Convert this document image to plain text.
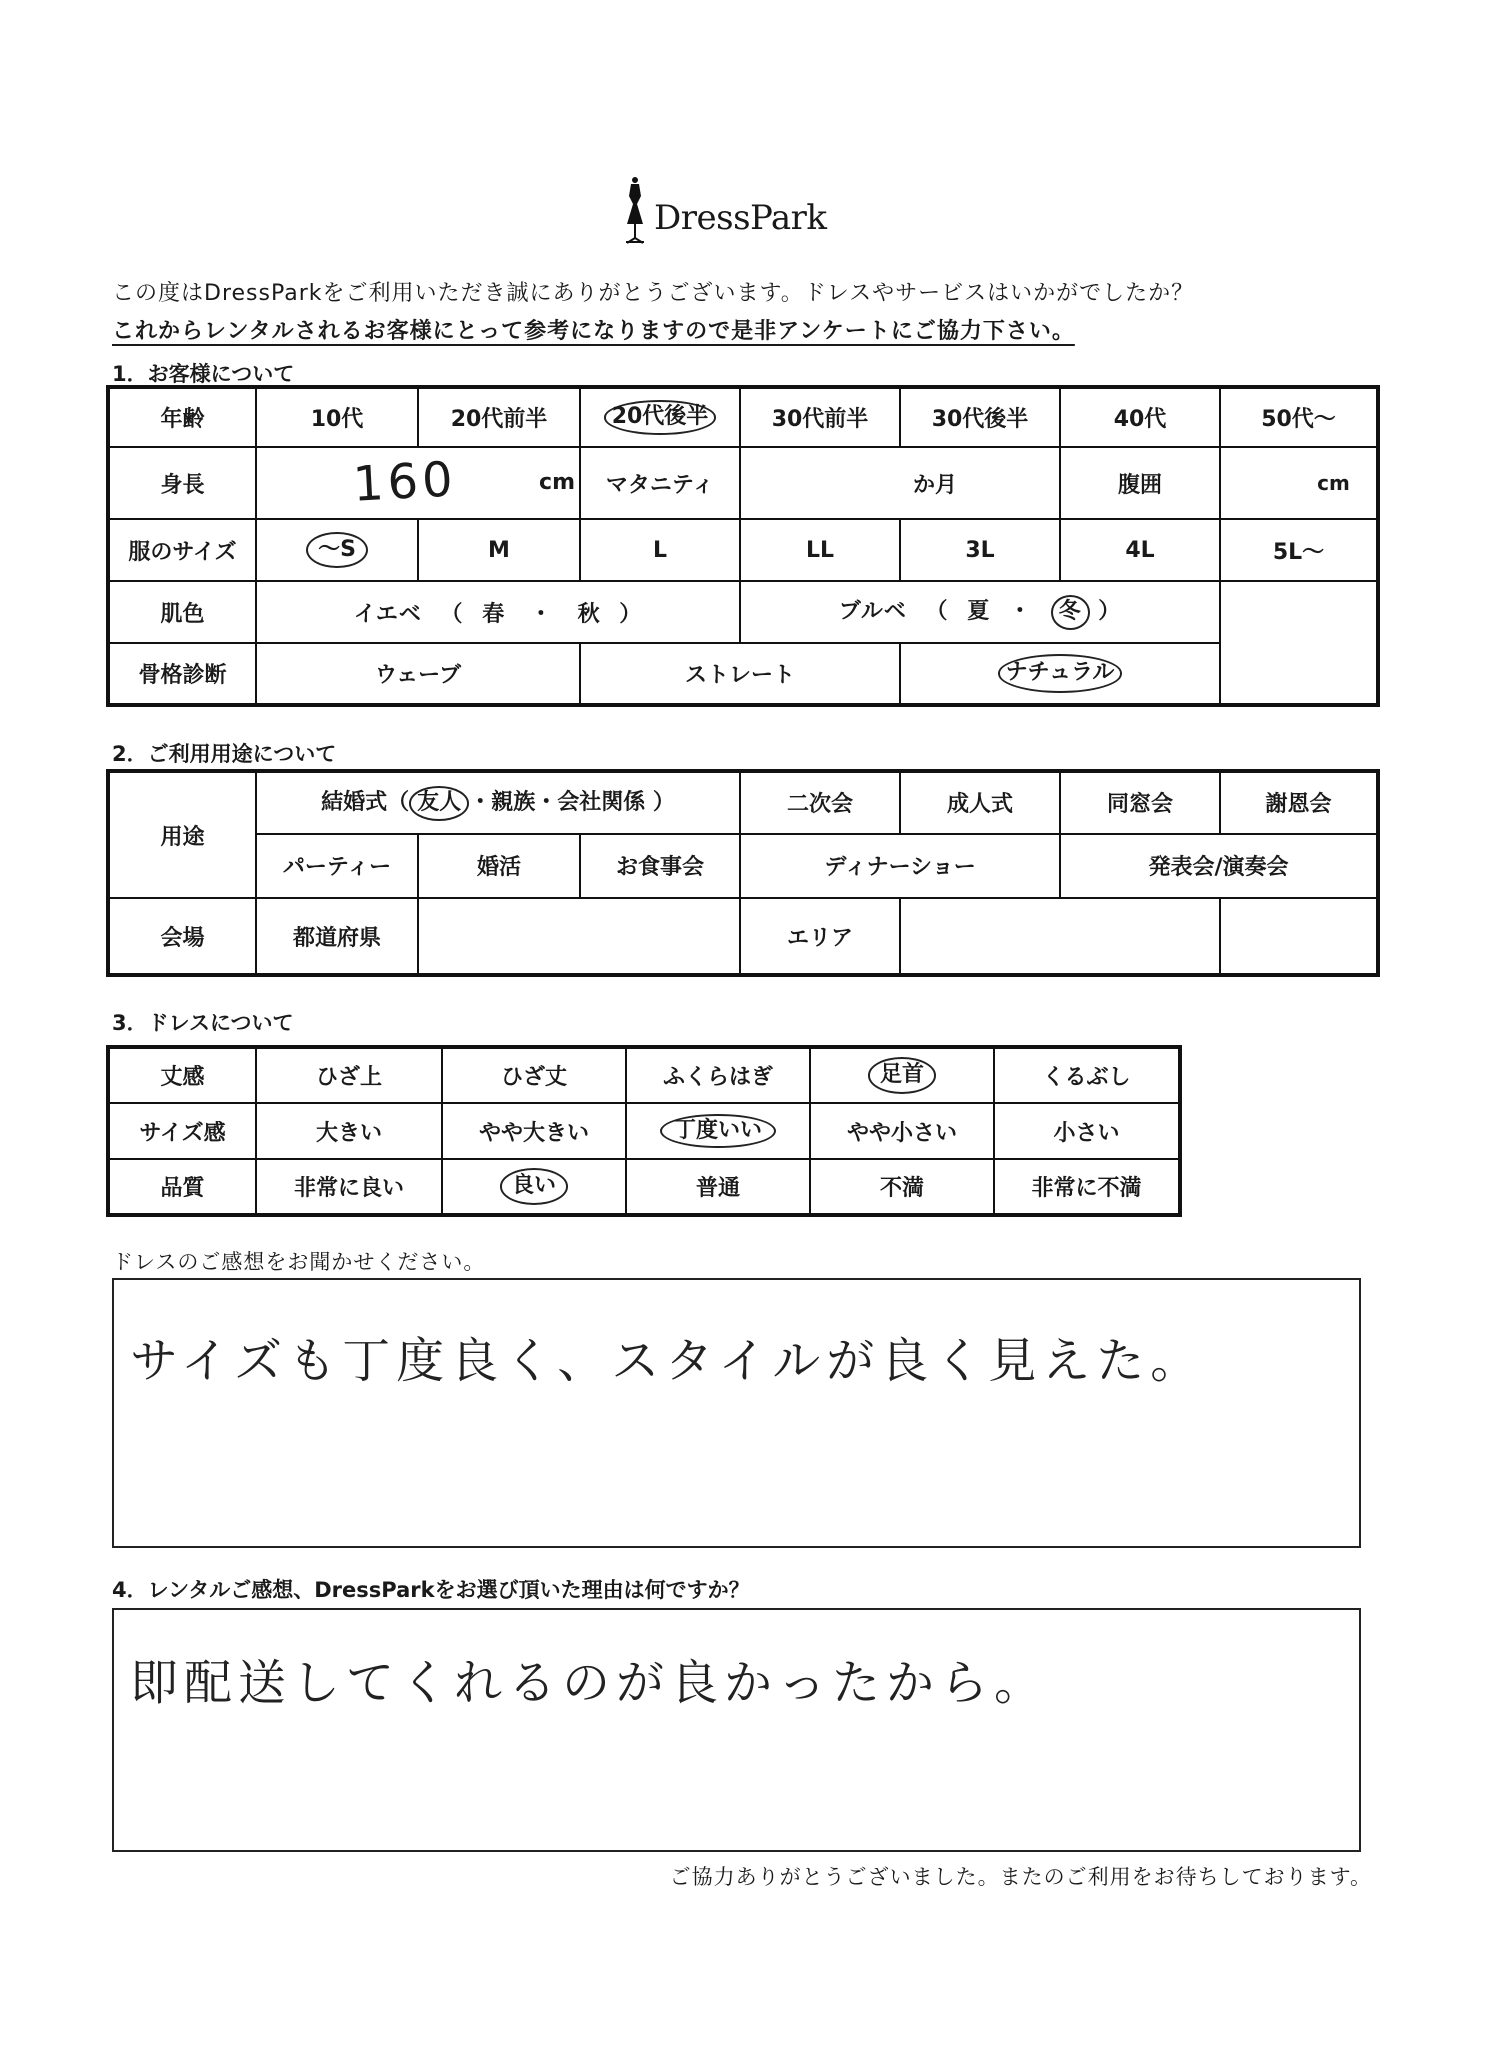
DressPark
この度はDressParkをご利用いただき誠にありがとうございます。ドレスやサービスはいかがでしたか？
これからレンタルされるお客様にとって参考になりますので是非アンケートにご協力下さい。
1．お客様について
年齢	10代	20代前半	20代後半	30代前半	30代後半	40代	50代〜
身長	160 cm		マタニティ	か月		腹囲	cm
服のサイズ	〜S	M	L	LL	3L	4L	5L〜
肌色	イエベ （ 春 ・ 秋 ）			ブルベ （ 夏 ・ 冬 ）			
骨格診断	ウェーブ		ストレート		ナチュラル		
2．ご利用用途について
用途	結婚式（ 友人 ・親族・会社関係 ）			二次会	成人式	同窓会	謝恩会
	パーティー	婚活	お食事会	ディナーショー		発表会/演奏会	
会場	都道府県			エリア			
3．ドレスについて
丈感	ひざ上	ひざ丈	ふくらはぎ	足首	くるぶし
サイズ感	大きい	やや大きい	丁度いい	やや小さい	小さい
品質	非常に良い	良い	普通	不満	非常に不満
ドレスのご感想をお聞かせください。
サイズも丁度良く、スタイルが良く見えた。
4．レンタルご感想、DressParkをお選び頂いた理由は何ですか？
即配送してくれるのが良かったから。
ご協力ありがとうございました。またのご利用をお待ちしております。
